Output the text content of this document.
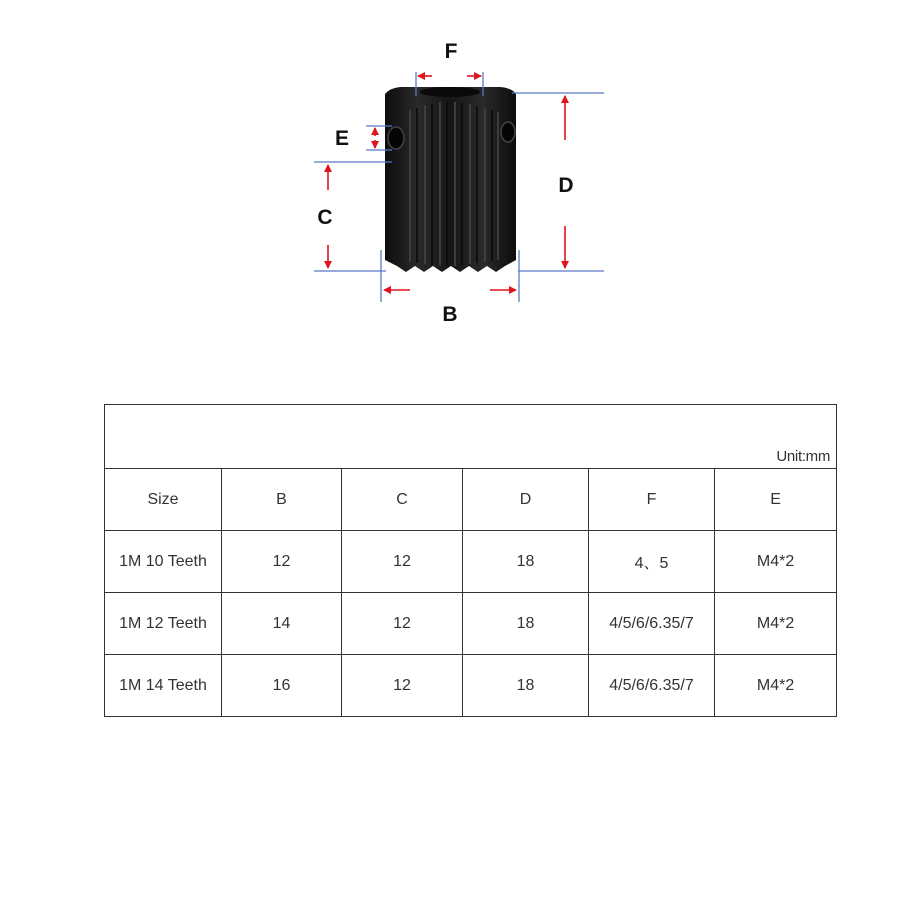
F
E
D
C
B
Unit:mm					
Size	B	C	D	F	E
1M 10 Teeth	12	12	18	4、5	M4*2
1M 12 Teeth	14	12	18	4/5/6/6.35/7	M4*2
1M 14 Teeth	16	12	18	4/5/6/6.35/7	M4*2
